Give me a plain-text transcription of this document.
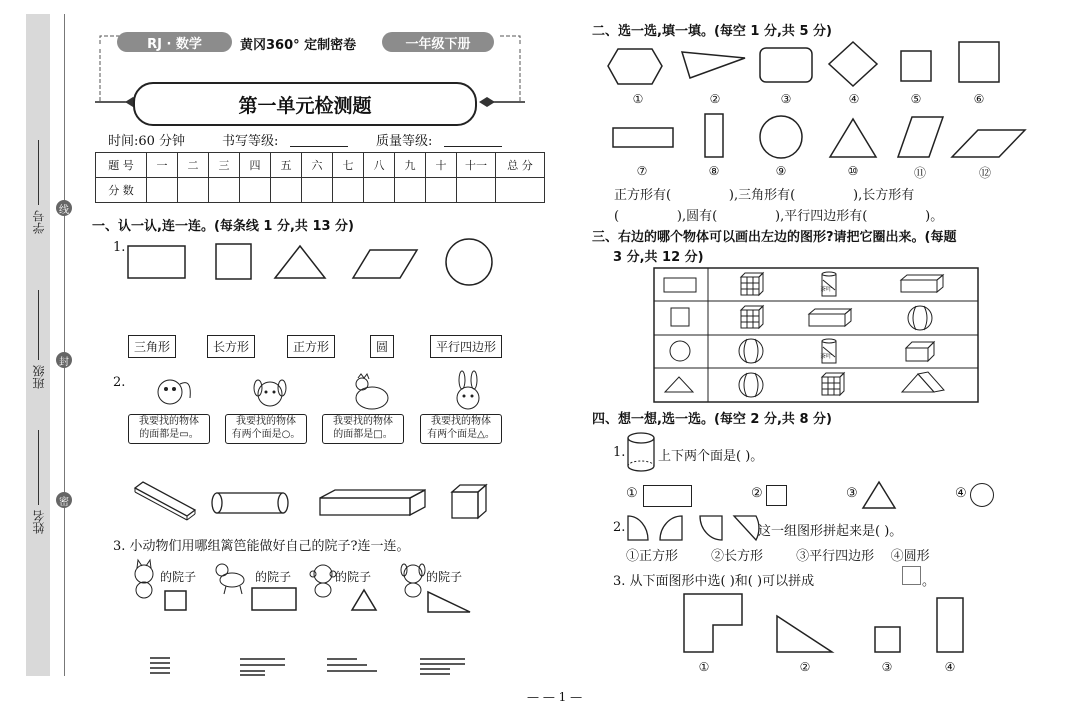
学号
班级
姓名
线
封
密
RJ · 数学	黄冈360° 定制密卷	一年级下册
第一单元检测题
时间:60 分钟	书写等级:	质量等级:
题 号	一	二	三	四	五	六	七	八	九	十	十一	总 分
分 数												
一、认一认,连一连。(每条线 1 分,共 13 分)
1.
三角形	长方形	正方形	圆	平行四边形
2.
我要找的物体
的面都是▭。
我要找的物体
有两个面是○。
我要找的物体
的面都是□。
我要找的物体
有两个面是△。
3. 小动物们用哪组篱笆能做好自己的院子?连一连。
的院子	的院子	的院子	的院子
二、选一选,填一填。(每空 1 分,共 5 分)
①	②	③	④	⑤	⑥
⑦	⑧	⑨	⑩	⑪	⑫
正方形有(              ),三角形有(              ),长方形有
(              ),圆有(              ),平行四边形有(              )。
三、右边的哪个物体可以画出左边的图形?请把它圈出来。(每题
3 分,共 12 分)
茶叶
茶叶
四、想一想,选一选。(每空 2 分,共 8 分)
1.	上下两个面是( )。
①	②	③	④
2.	这一组图形拼起来是( )。
①正方形        ②长方形        ③平行四边形    ④圆形
3. 从下面图形中选( )和( )可以拼成	。
①	②	③	④
— — 1 —
